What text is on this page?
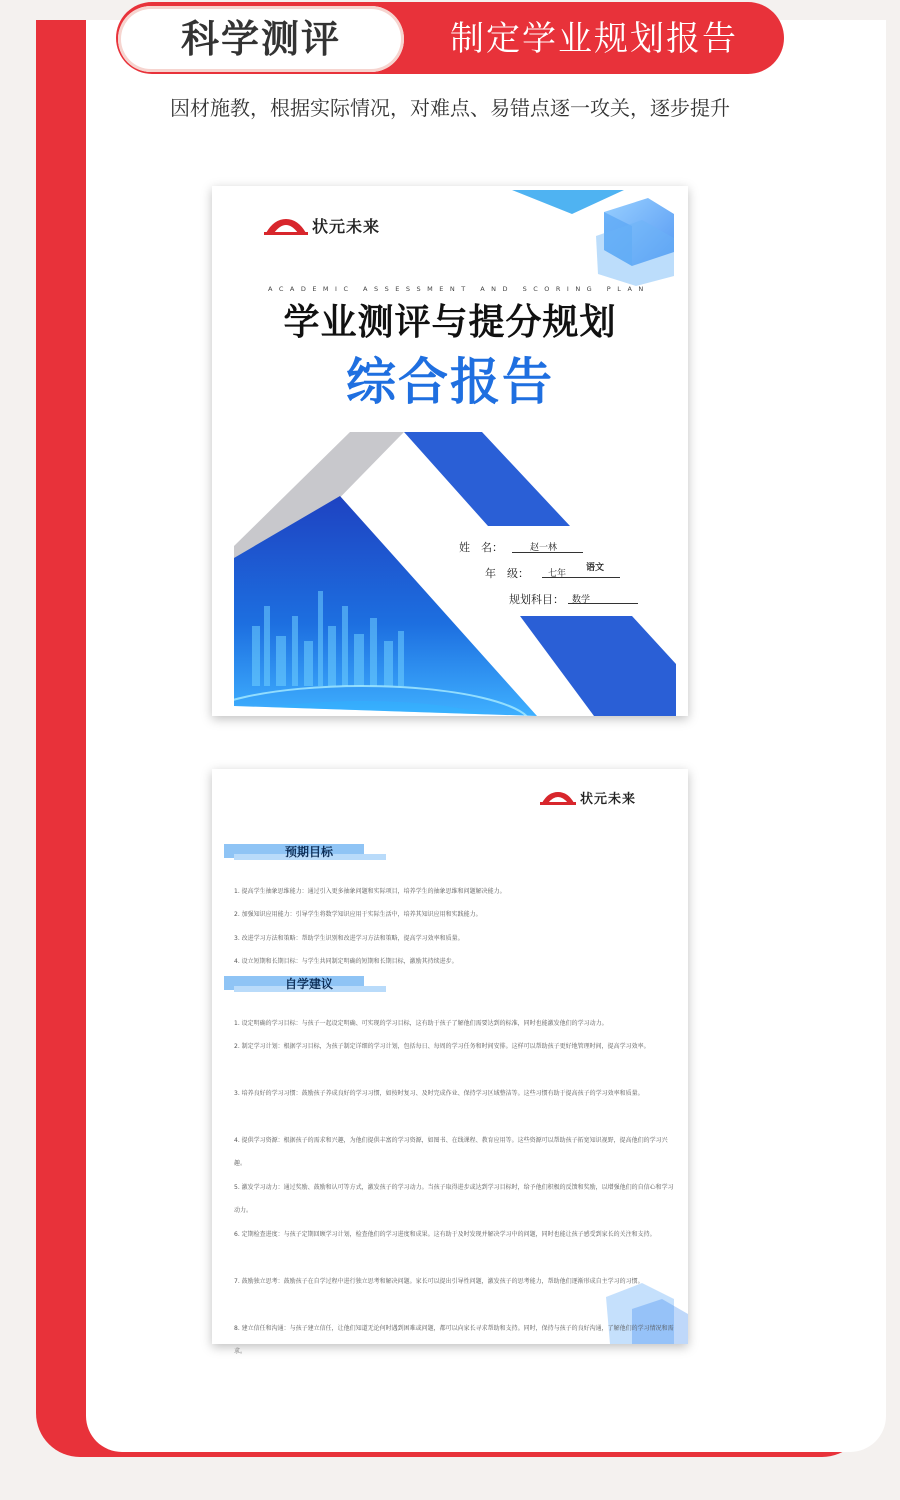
科学测评	制定学业规划报告
因材施教，根据实际情况，对难点、易错点逐一攻关，逐步提升
状元未来
ACADEMIC ASSESSMENT AND SCORING PLAN
学业测评与提分规划
综合报告
姓　名：	赵一林
年　级： 七年
语文
规划科目： 数学
状元未来
预期目标
1. 提高学生抽象思维能力：通过引入更多抽象问题和实际项目，培养学生的抽象思维和问题解决能力。
2. 加强知识应用能力：引导学生将数学知识应用于实际生活中，培养其知识应用和实践能力。
3. 改进学习方法和策略：帮助学生识别和改进学习方法和策略，提高学习效率和质量。
4. 设立短期和长期目标：与学生共同制定明确的短期和长期目标，激励其持续进步。
自学建议
1. 设定明确的学习目标：与孩子一起设定明确、可实现的学习目标，这有助于孩子了解他们需要达到的标准，同时也能激发他们的学习动力。
2. 制定学习计划：根据学习目标，为孩子制定详细的学习计划，包括每日、每周的学习任务和时间安排。这样可以帮助孩子更好地管理时间，提高学习效率。
3. 培养良好的学习习惯：鼓励孩子养成良好的学习习惯，如按时复习、及时完成作业、保持学习区域整洁等。这些习惯有助于提高孩子的学习效率和质量。
4. 提供学习资源：根据孩子的需求和兴趣，为他们提供丰富的学习资源，如图书、在线课程、教育应用等。这些资源可以帮助孩子拓宽知识视野，提高他们的学习兴趣。
5. 激发学习动力：通过奖励、鼓励和认可等方式，激发孩子的学习动力。当孩子取得进步或达到学习目标时，给予他们积极的反馈和奖励，以增强他们的自信心和学习动力。
6. 定期检查进度：与孩子定期回顾学习计划，检查他们的学习进度和成果。这有助于及时发现并解决学习中的问题，同时也能让孩子感受到家长的关注和支持。
7. 鼓励独立思考：鼓励孩子在自学过程中进行独立思考和解决问题。家长可以提出引导性问题，激发孩子的思考能力，帮助他们逐渐形成自主学习的习惯。
8. 建立信任和沟通：与孩子建立信任，让他们知道无论何时遇到困难或问题，都可以向家长寻求帮助和支持。同时，保持与孩子的良好沟通，了解他们的学习情况和需求。
